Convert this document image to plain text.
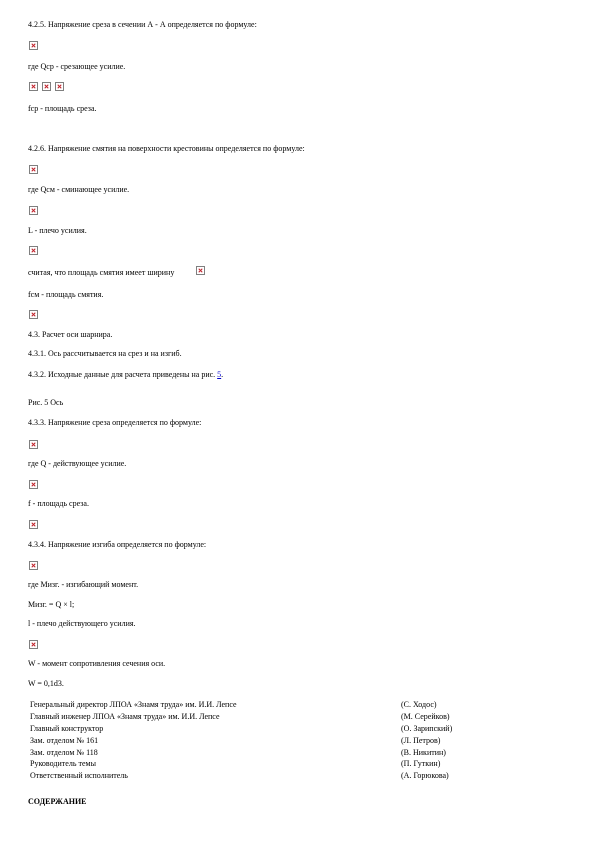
4.2.5. Напряжение среза в сечении А - А определяется по формуле:
где Qср - срезающее усилие.
fср - площадь среза.
4.2.6. Напряжение смятия на поверхности крестовины определяется по формуле:
где Qсм - сминающее усилие.
L - плечо усилия.
считая, что площадь смятия имеет ширину
fсм - площадь смятия.
4.3. Расчет оси шарнира.
4.3.1. Ось рассчитывается на срез и на изгиб.
4.3.2. Исходные данные для расчета приведены на рис. 5.
Рис. 5 Ось
4.3.3. Напряжение среза определяется по формуле:
где Q - действующее усилие.
f - площадь среза.
4.3.4. Напряжение изгиба определяется по формуле:
где Мизг. - изгибающий момент.
Мизг. = Q × l;
l - плечо действующего усилия.
W - момент сопротивления сечения оси.
W = 0,1d3.
Генеральный директор ЛПОА «Знамя труда» им. И.И. Лепсе	(С. Ходос)
Главный инженер ЛПОА «Знамя труда» им. И.И. Лепсе	(М. Серейков)
Главный конструктор	(О. Зарипский)
Зам. отделом № 161	(Л. Петров)
Зам. отделом № 118	(В. Никитин)
Руководитель темы	(П. Гуткин)
Ответственный исполнитель	(А. Горюкова)
СОДЕРЖАНИЕ
